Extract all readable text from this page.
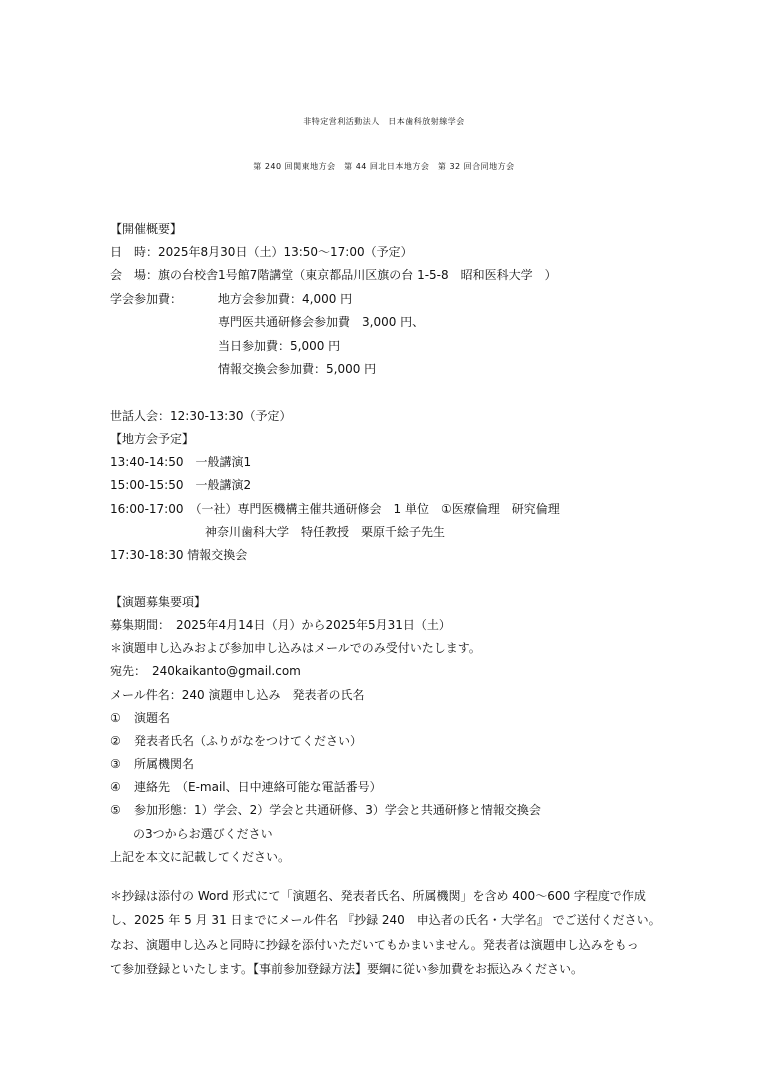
非特定営利活動法人　日本歯科放射線学会
第 240 回関東地方会　第 44 回北日本地方会　第 32 回合同地方会
【開催概要】
日　時：2025年8月30日（土）13:50～17:00（予定）
会　場：旗の台校舎1号館7階講堂（東京都品川区旗の台 1-5-8　昭和医科大学　）
学会参加費：	地方会参加費：4,000 円
専門医共通研修会参加費　3,000 円、
当日参加費：5,000 円
情報交換会参加費：5,000 円
世話人会：12:30-13:30（予定）
【地方会予定】
13:40-14:50　一般講演1
15:00-15:50　一般講演2
16:00-17:00　（一社）専門医機構主催共通研修会　1 単位　①医療倫理　研究倫理
神奈川歯科大学　特任教授　栗原千絵子先生
17:30-18:30 情報交換会
【演題募集要項】
募集期間：　2025年4月14日（月）から2025年5月31日（土）
＊演題申し込みおよび参加申し込みはメールでのみ受付いたします。
宛先：　240kaikanto@gmail.com
メール件名：240 演題申し込み　発表者の氏名
① 演題名
② 発表者氏名（ふりがなをつけてください）
③ 所属機関名
④ 連絡先　（E-mail、日中連絡可能な電話番号）
⑤ 参加形態：1）学会、2）学会と共通研修、3）学会と共通研修と情報交換会
の3つからお選びください
上記を本文に記載してください。
＊抄録は添付の Word 形式にて「演題名、発表者氏名、所属機関」を含め 400～600 字程度で作成
し、2025 年 5 月 31 日までにメール件名 『抄録 240　申込者の氏名・大学名』 でご送付ください。
なお、演題申し込みと同時に抄録を添付いただいてもかまいません。発表者は演題申し込みをもっ
て参加登録といたします。【事前参加登録方法】要綱に従い参加費をお振込みください。
